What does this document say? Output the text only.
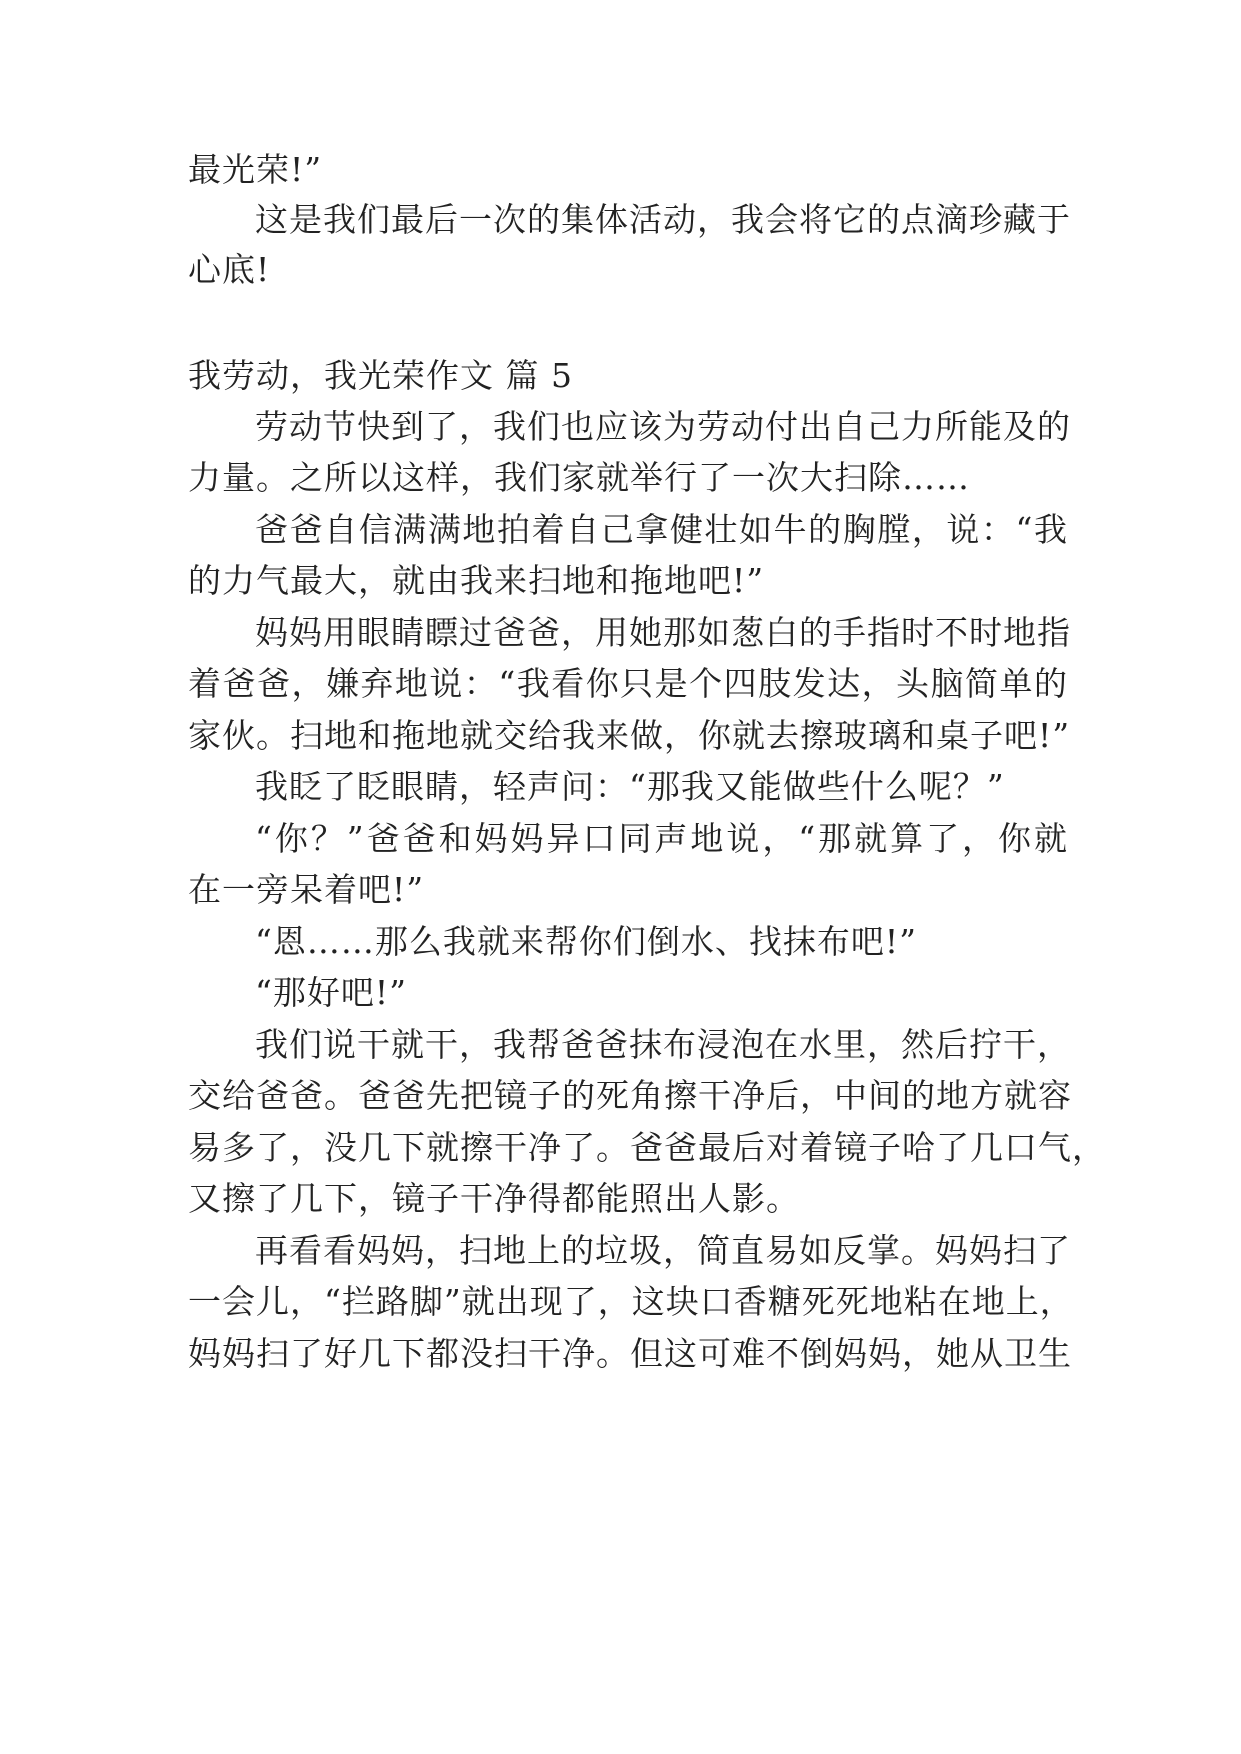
最光荣!”
这是我们最后一次的集体活动，我会将它的点滴珍藏于
心底!
我劳动，我光荣作文 篇 5
劳动节快到了，我们也应该为劳动付出自己力所能及的
力量。之所以这样，我们家就举行了一次大扫除……
爸爸自信满满地拍着自己拿健壮如牛的胸膛，说：“我
的力气最大，就由我来扫地和拖地吧!”
妈妈用眼睛瞟过爸爸，用她那如葱白的手指时不时地指
着爸爸，嫌弃地说：“我看你只是个四肢发达，头脑简单的
家伙。扫地和拖地就交给我来做，你就去擦玻璃和桌子吧!”
我眨了眨眼睛，轻声问：“那我又能做些什么呢？”
“你？”爸爸和妈妈异口同声地说，“那就算了，你就
在一旁呆着吧!”
“恩……那么我就来帮你们倒水、找抹布吧!”
“那好吧!”
我们说干就干，我帮爸爸抹布浸泡在水里，然后拧干，
交给爸爸。爸爸先把镜子的死角擦干净后，中间的地方就容
易多了，没几下就擦干净了。爸爸最后对着镜子哈了几口气，
又擦了几下，镜子干净得都能照出人影。
再看看妈妈，扫地上的垃圾，简直易如反掌。妈妈扫了
一会儿，“拦路脚”就出现了，这块口香糖死死地粘在地上，
妈妈扫了好几下都没扫干净。但这可难不倒妈妈，她从卫生
